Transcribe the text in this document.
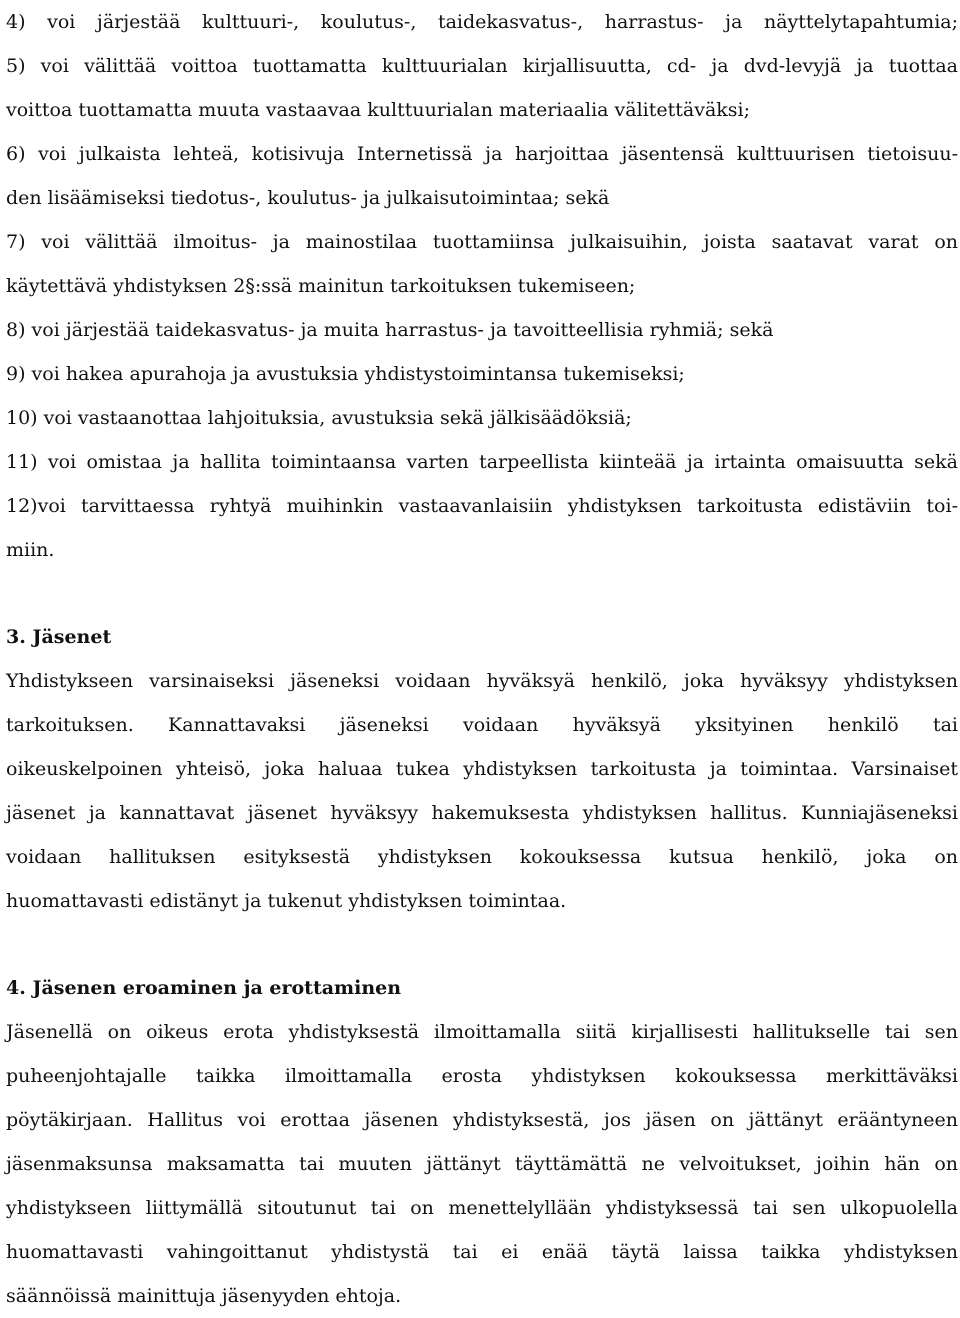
4) voi järjestää kulttuuri-, koulutus-, taidekasvatus-, harrastus- ja näyttelytapahtumia;
5) voi välittää voittoa tuottamatta kulttuurialan kirjallisuutta, cd- ja dvd-levyjä ja tuottaa
voittoa tuottamatta muuta vastaavaa kulttuurialan materiaalia välitettäväksi;
6) voi julkaista lehteä, kotisivuja Internetissä ja harjoittaa jäsentensä kulttuurisen tietoisuu-
den lisäämiseksi tiedotus-, koulutus- ja julkaisutoimintaa; sekä
7) voi välittää ilmoitus- ja mainostilaa tuottamiinsa julkaisuihin, joista saatavat varat on
käytettävä yhdistyksen 2§:ssä mainitun tarkoituksen tukemiseen;
8) voi järjestää taidekasvatus- ja muita harrastus- ja tavoitteellisia ryhmiä; sekä
9) voi hakea apurahoja ja avustuksia yhdistystoimintansa tukemiseksi;
10) voi vastaanottaa lahjoituksia, avustuksia sekä jälkisäädöksiä;
11) voi omistaa ja hallita toimintaansa varten tarpeellista kiinteää ja irtainta omaisuutta sekä
12)voi tarvittaessa ryhtyä muihinkin vastaavanlaisiin yhdistyksen tarkoitusta edistäviin toi-
miin.
3. Jäsenet
Yhdistykseen varsinaiseksi jäseneksi voidaan hyväksyä henkilö, joka hyväksyy yhdistyksen
tarkoituksen. Kannattavaksi jäseneksi voidaan hyväksyä yksityinen henkilö tai
oikeuskelpoinen yhteisö, joka haluaa tukea yhdistyksen tarkoitusta ja toimintaa. Varsinaiset
jäsenet ja kannattavat jäsenet hyväksyy hakemuksesta yhdistyksen hallitus. Kunniajäseneksi
voidaan hallituksen esityksestä yhdistyksen kokouksessa kutsua henkilö, joka on
huomattavasti edistänyt ja tukenut yhdistyksen toimintaa.
4. Jäsenen eroaminen ja erottaminen
Jäsenellä on oikeus erota yhdistyksestä ilmoittamalla siitä kirjallisesti hallitukselle tai sen
puheenjohtajalle taikka ilmoittamalla erosta yhdistyksen kokouksessa merkittäväksi
pöytäkirjaan. Hallitus voi erottaa jäsenen yhdistyksestä, jos jäsen on jättänyt erääntyneen
jäsenmaksunsa maksamatta tai muuten jättänyt täyttämättä ne velvoitukset, joihin hän on
yhdistykseen liittymällä sitoutunut tai on menettelyllään yhdistyksessä tai sen ulkopuolella
huomattavasti vahingoittanut yhdistystä tai ei enää täytä laissa taikka yhdistyksen
säännöissä mainittuja jäsenyyden ehtoja.
